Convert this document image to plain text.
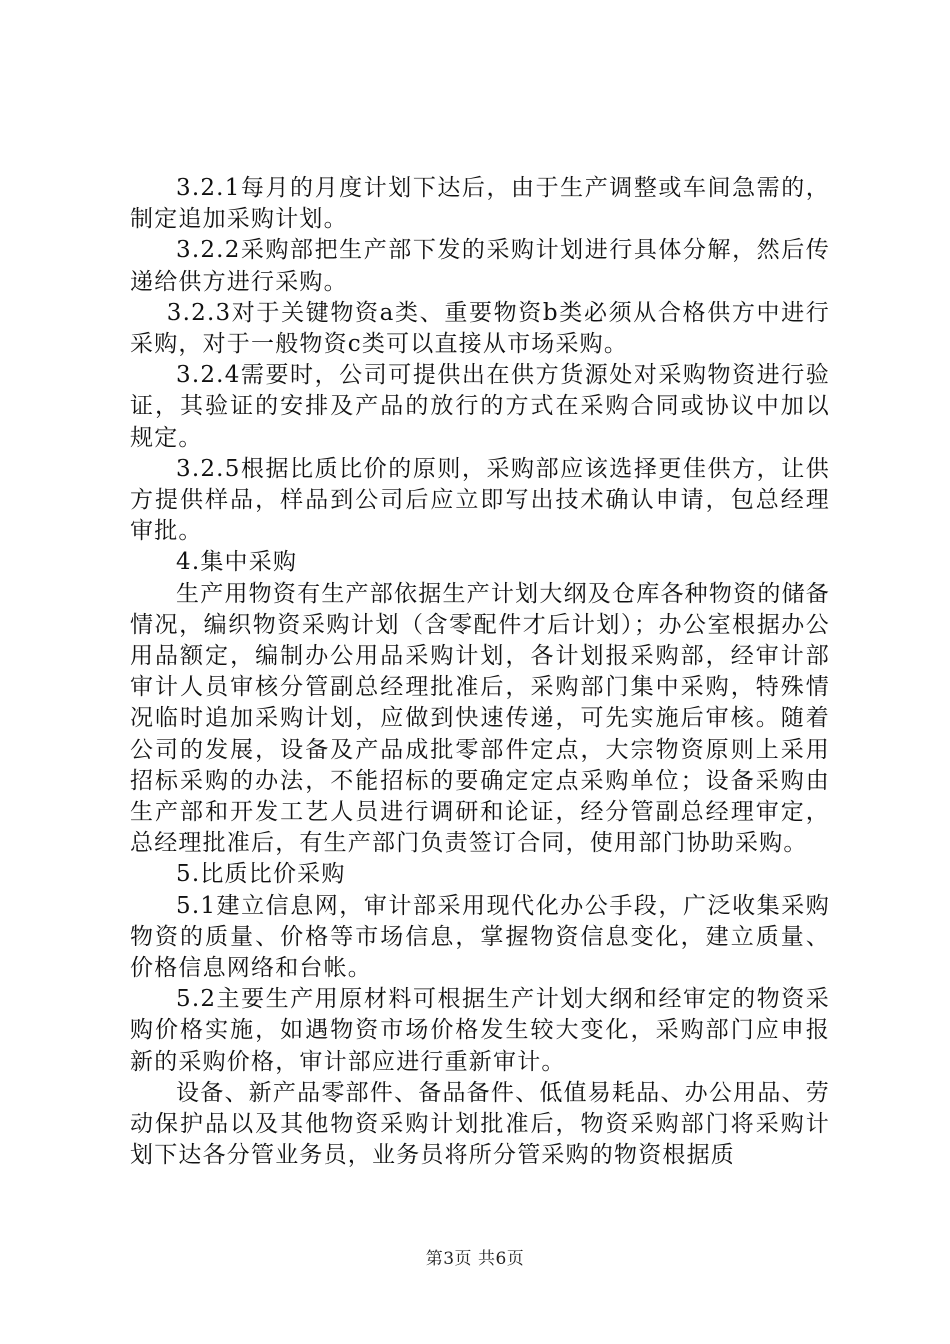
3.2.1每月的月度计划下达后，由于生产调整或车间急需的，制定追加采购计划。

3.2.2采购部把生产部下发的采购计划进行具体分解，然后传递给供方进行采购。

3.2.3对于关键物资a类、重要物资b类必须从合格供方中进行采购，对于一般物资c类可以直接从市场采购。

3.2.4需要时，公司可提供出在供方货源处对采购物资进行验证，其验证的安排及产品的放行的方式在采购合同或协议中加以规定。

3.2.5根据比质比价的原则，采购部应该选择更佳供方，让供方提供样品，样品到公司后应立即写出技术确认申请，包总经理审批。

4.集中采购

生产用物资有生产部依据生产计划大纲及仓库各种物资的储备情况，编织物资采购计划（含零配件才后计划）；办公室根据办公用品额定，编制办公用品采购计划，各计划报采购部，经审计部审计人员审核分管副总经理批准后，采购部门集中采购，特殊情况临时追加采购计划，应做到快速传递，可先实施后审核。随着公司的发展，设备及产品成批零部件定点，大宗物资原则上采用招标采购的办法，不能招标的要确定定点采购单位；设备采购由生产部和开发工艺人员进行调研和论证，经分管副总经理审定，总经理批准后，有生产部门负责签订合同，使用部门协助采购。

5.比质比价采购

5.1建立信息网，审计部采用现代化办公手段，广泛收集采购物资的质量、价格等市场信息，掌握物资信息变化，建立质量、价格信息网络和台帐。

5.2主要生产用原材料可根据生产计划大纲和经审定的物资采购价格实施，如遇物资市场价格发生较大变化，采购部门应申报新的采购价格，审计部应进行重新审计。

设备、新产品零部件、备品备件、低值易耗品、办公用品、劳动保护品以及其他物资采购计划批准后，物资采购部门将采购计划下达各分管业务员，业务员将所分管采购的物资根据质

第3页 共6页
